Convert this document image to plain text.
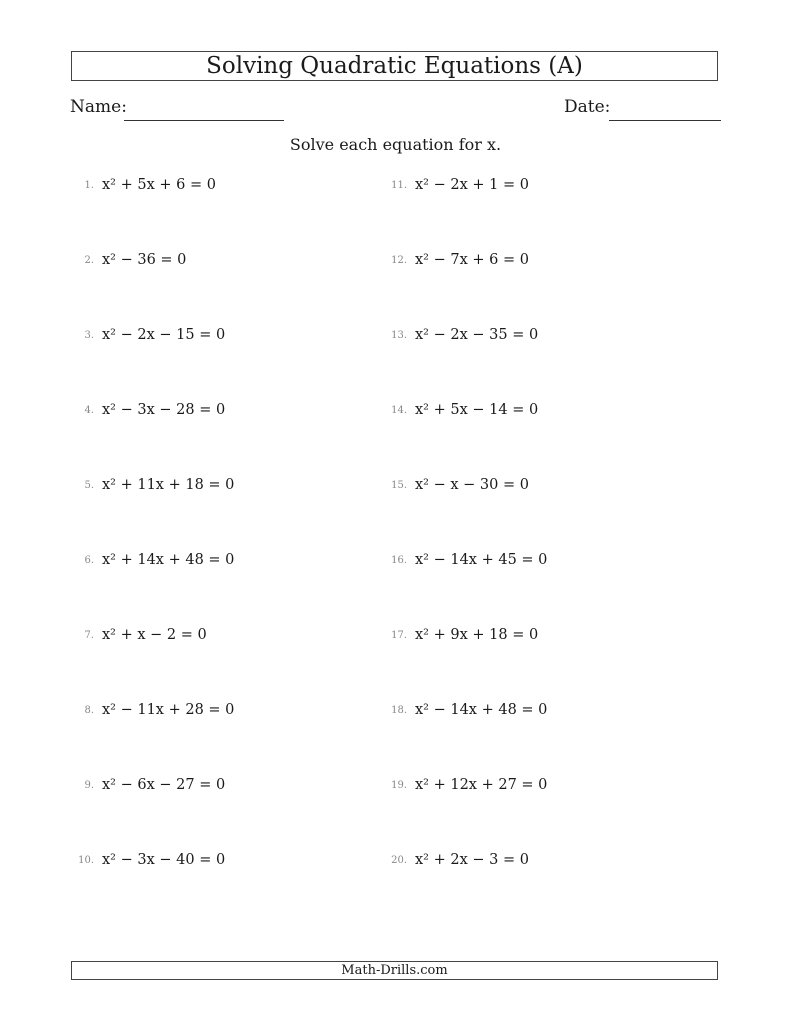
Solving Quadratic Equations (A)
Name:	Date:
Solve each equation for x.
1. x² + 5x + 6 = 0
2. x² − 36 = 0
3. x² − 2x − 15 = 0
4. x² − 3x − 28 = 0
5. x² + 11x + 18 = 0
6. x² + 14x + 48 = 0
7. x² + x − 2 = 0
8. x² − 11x + 28 = 0
9. x² − 6x − 27 = 0
10. x² − 3x − 40 = 0
11. x² − 2x + 1 = 0
12. x² − 7x + 6 = 0
13. x² − 2x − 35 = 0
14. x² + 5x − 14 = 0
15. x² − x − 30 = 0
16. x² − 14x + 45 = 0
17. x² + 9x + 18 = 0
18. x² − 14x + 48 = 0
19. x² + 12x + 27 = 0
20. x² + 2x − 3 = 0
Math-Drills.com
